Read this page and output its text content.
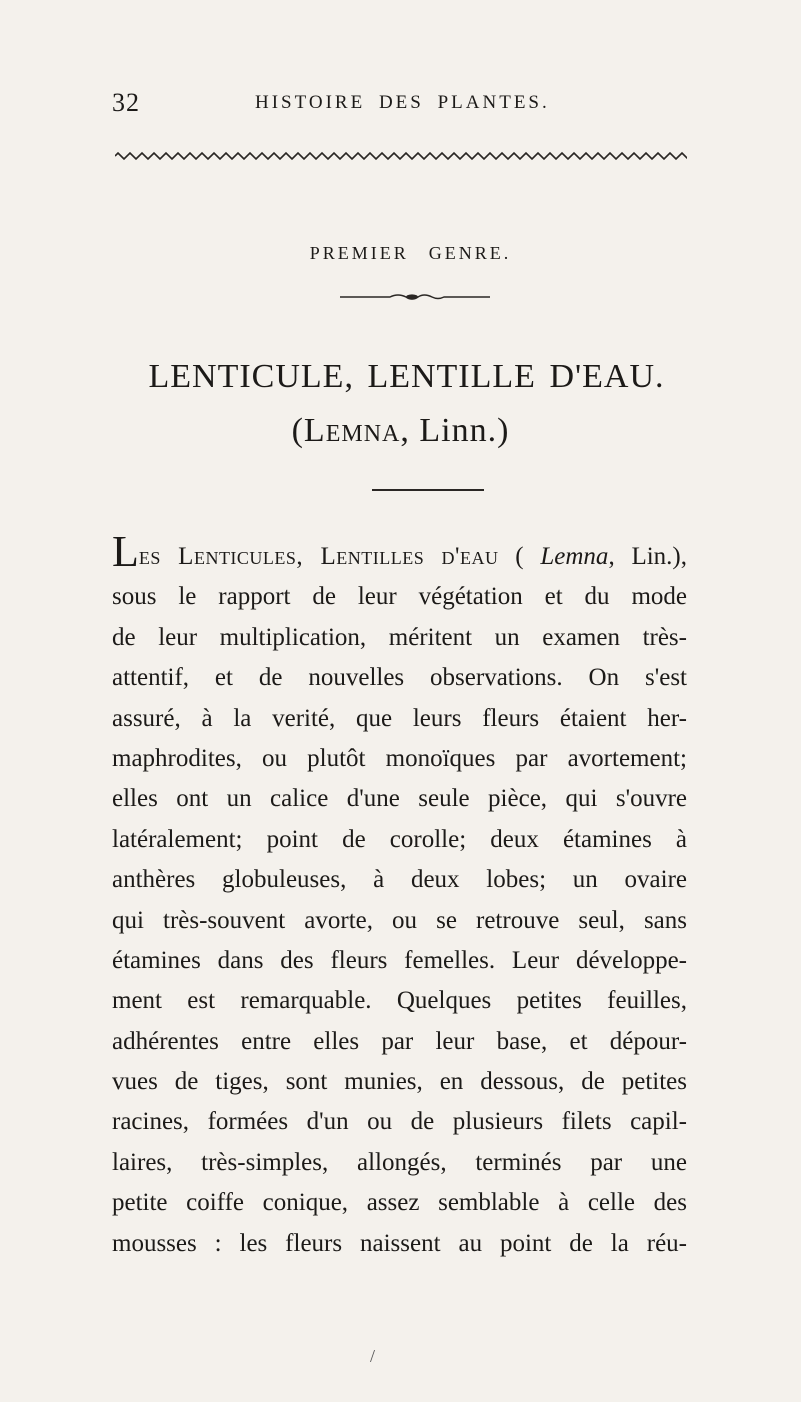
32	HISTOIRE DES PLANTES.
PREMIER GENRE.
LENTICULE, LENTILLE D'EAU.
(Lemna, Linn.)
Les Lenticules, Lentilles d'eau ( Lemna, Lin.),
sous le rapport de leur végétation et du mode
de leur multiplication, méritent un examen très-
attentif, et de nouvelles observations. On s'est
assuré, à la verité, que leurs fleurs étaient her-
maphrodites, ou plutôt monoïques par avortement;
elles ont un calice d'une seule pièce, qui s'ouvre
latéralement; point de corolle; deux étamines à
anthères globuleuses, à deux lobes; un ovaire
qui très-souvent avorte, ou se retrouve seul, sans
étamines dans des fleurs femelles. Leur développe-
ment est remarquable. Quelques petites feuilles,
adhérentes entre elles par leur base, et dépour-
vues de tiges, sont munies, en dessous, de petites
racines, formées d'un ou de plusieurs filets capil-
laires, très-simples, allongés, terminés par une
petite coiffe conique, assez semblable à celle des
mousses : les fleurs naissent au point de la réu-
/
